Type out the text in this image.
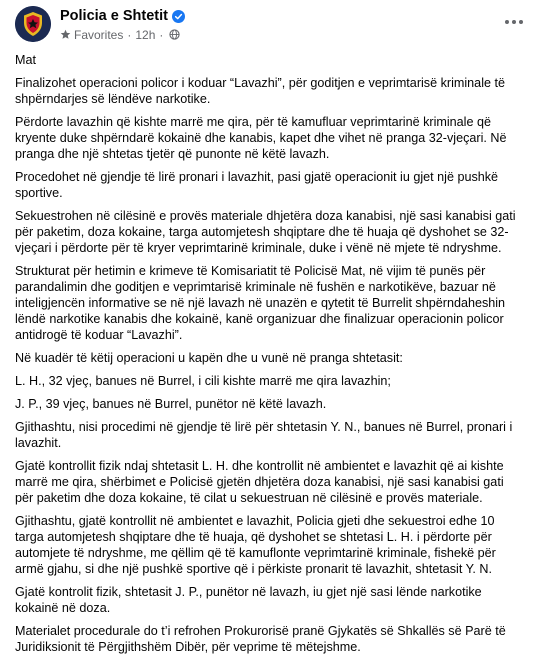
Policia e Shtetit
Favorites · 12h ·

Mat

Finalizohet operacioni policor i koduar “Lavazhi”, për goditjen e veprimtarisë kriminale të shpërndarjes së lëndëve narkotike.

Përdorte lavazhin që kishte marrë me qira, për të kamufluar veprimtarinë kriminale që kryente duke shpërndarë kokainë dhe kanabis, kapet dhe vihet në pranga 32-vjeçari. Në pranga dhe një shtetas tjetër që punonte në këtë lavazh.

Procedohet në gjendje të lirë pronari i lavazhit, pasi gjatë operacionit iu gjet një pushkë sportive.

Sekuestrohen në cilësinë e provës materiale dhjetëra doza kanabisi, një sasi kanabisi gati për paketim, doza kokaine, targa automjetesh shqiptare dhe të huaja që dyshohet se 32-vjeçari i përdorte për të kryer veprimtarinë kriminale, duke i vënë në mjete të ndryshme.

Strukturat për hetimin e krimeve të Komisariatit të Policisë Mat, në vijim të punës për parandalimin dhe goditjen e veprimtarisë kriminale në fushën e narkotikëve, bazuar në inteligjencën informative se në një lavazh në unazën e qytetit të Burrelit shpërndaheshin lëndë narkotike kanabis dhe kokainë, kanë organizuar dhe finalizuar operacionin policor antidrogë të koduar “Lavazhi”.

Në kuadër të këtij operacioni u kapën dhe u vunë në pranga shtetasit:

L. H., 32 vjeç, banues në Burrel, i cili kishte marrë me qira lavazhin;

J. P., 39 vjeç, banues në Burrel, punëtor në këtë lavazh.

Gjithashtu, nisi procedimi në gjendje të lirë për shtetasin Y. N., banues në Burrel, pronari i lavazhit.

Gjatë kontrollit fizik ndaj shtetasit L. H. dhe kontrollit në ambientet e lavazhit që ai kishte marrë me qira, shërbimet e Policisë gjetën dhjetëra doza kanabisi, një sasi kanabisi gati për paketim dhe doza kokaine, të cilat u sekuestruan në cilësinë e provës materiale.

Gjithashtu, gjatë kontrollit në ambientet e lavazhit, Policia gjeti dhe sekuestroi edhe 10 targa automjetesh shqiptare dhe të huaja, që dyshohet se shtetasi L. H. i përdorte për automjete të ndryshme, me qëllim që të kamuflonte veprimtarinë kriminale, fishekë për armë gjahu, si dhe një pushkë sportive që i përkiste pronarit të lavazhit, shtetasit Y. N.

Gjatë kontrolit fizik, shtetasit J. P., punëtor në lavazh, iu gjet një sasi lënde narkotike kokainë në doza.

Materialet procedurale do t’i refrohen Prokurorisë pranë Gjykatës së Shkallës së Parë të Juridiksionit të Përgjithshëm Dibër, për veprime të mëtejshme.
